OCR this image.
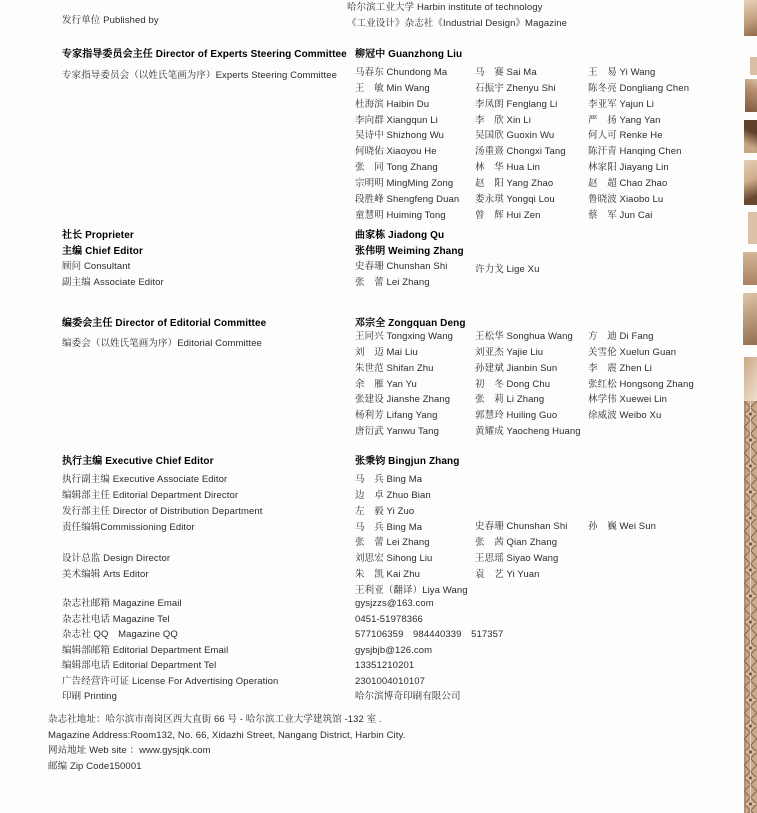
发行单位 Published by
哈尔滨工业大学 Harbin institute of technology
《工业设计》杂志社《Industrial Design》Magazine
专家指导委员会主任 Director of Experts Steering Committee 柳冠中 Guanzhong Liu
专家指导委员会（以姓氏笔画为序）Experts Steering Committee 马春东 Chundong Ma
王　敏 Min Wang
杜海滨 Haibin Du
李向群 Xiangqun Li
吴诗中 Shizhong Wu
何晓佑 Xiaoyou He
张　同 Tong Zhang
宗明明 MingMing Zong
段胜峰 Shengfeng Duan
童慧明 Huiming Tong
马　赛 Sai Ma
石振宇 Zhenyu Shi
李凤朗 Fenglang Li
李　欣 Xin Li
吴国欣 Guoxin Wu
汤重熹 Chongxi Tang
林　华 Hua Lin
赵　阳 Yang Zhao
娄永琪 Yongqi Lou
曾　辉 Hui Zen
王　易 Yi Wang
陈冬亮 Dongliang Chen
李亚军 Yajun Li
严　扬 Yang Yan
何人可 Renke He
陈汗青 Hanqing Chen
林家阳 Jiayang Lin
赵　超 Chao Zhao
鲁晓波 Xiaobo Lu
蔡　军 Jun Cai
社长 Proprieter
主编 Chief Editor
顾问 Consultant
副主编 Associate Editor
曲家栋 Jiadong Qu
张伟明 Weiming Zhang
史春珊 Chunshan Shi
张　蕾 Lei Zhang
许力戈 Lige Xu
编委会主任 Director of Editorial Committee	邓宗全 Zongquan Deng
编委会（以姓氏笔画为序）Editorial Committee
王同兴 Tongxing Wang
刘　迈 Mai Liu
朱世范 Shifan Zhu
余　雁 Yan Yu
张建设 Jianshe Zhang
杨利芳 Lifang Yang
唐衍武 Yanwu Tang
王松华 Songhua Wang
刘亚杰 Yajie Liu
孙建斌 Jianbin Sun
初　冬 Dong Chu
张　莉 Li Zhang
郭慧玲 Huiling Guo
黄耀成 Yaocheng Huang
方　迪 Di Fang
关雪伦 Xuelun Guan
李　震 Zhen Li
张红松 Hongsong Zhang
林学伟 Xuewei Lin
徐威波 Weibo Xu
执行主编 Executive Chief Editor	张秉钧 Bingjun Zhang
执行副主编 Executive Associate Editor
编辑部主任 Editorial Department Director
发行部主任 Director of Distribution Department
责任编辑Commissioning Editor
设计总监 Design Director
美术编辑 Arts Editor
马　兵 Bing Ma
边　卓 Zhuo Bian
左　毅 Yi Zuo
马　兵 Bing Ma
张　蕾 Lei Zhang
刘思宏 Sihong Liu
朱　凯 Kai Zhu
王利亚（翻译）Liya Wang
史春珊 Chunshan Shi
张　茜 Qian Zhang
王思瑶 Siyao Wang
袁　艺 Yi Yuan
孙　巍 Wei Sun
杂志社邮箱 Magazine Email
杂志社电话 Magazine Tel
杂志社 QQ　Magazine QQ
编辑部邮箱 Editorial Department Email
编辑部电话 Editorial Department Tel
广告经营许可证 License For Advertising Operation
印刷 Printing
gysjzzs@163.com
0451-51978366
577106359　984440339　517357
gysjbjb@126.com
13351210201
2301004010107
哈尔滨博奇印刷有限公司
杂志社地址：哈尔滨市南岗区西大直街 66 号 - 哈尔滨工业大学建筑馆 -132 室 .
Magazine Address:Room132, No. 66, Xidazhi Street, Nangang District, Harbin City.
网站地址 Web site ：www.gysjqk.com
邮编 Zip Code150001
